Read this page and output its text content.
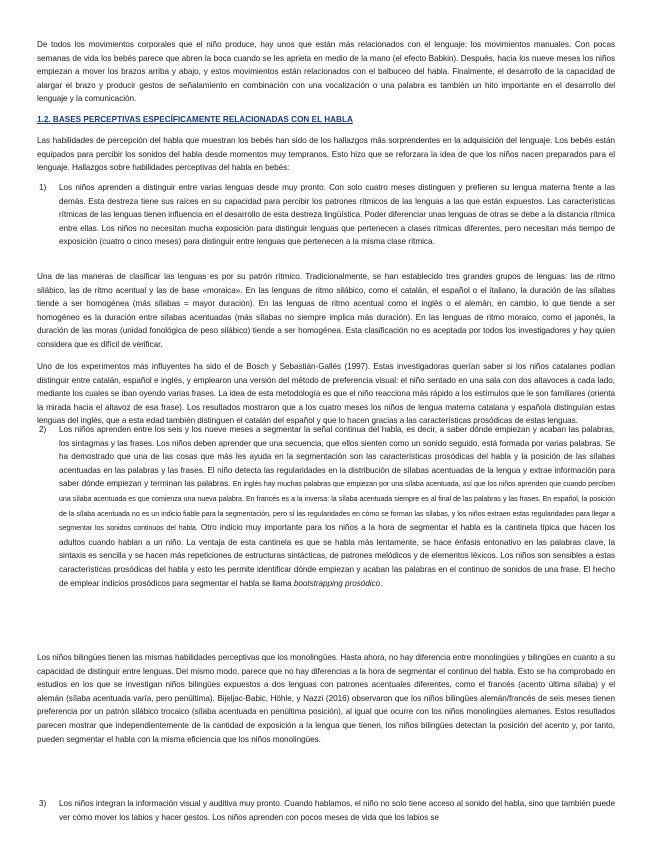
De todos los movimientos corporales que el niño produce, hay unos que están más relacionados con el lenguaje: los movimientos manuales. Con pocas semanas de vida los bebés parece que abren la boca cuando se les aprieta en medio de la mano (el efecto Babkin). Después, hacia los nueve meses los niños empiezan a mover los brazos arriba y abajo, y estos movimientos están relacionados con el balbuceo del habla. Finalmente, el desarrollo de la capacidad de alargar el brazo y producir gestos de señalamiento en combinación con una vocalización o una palabra es también un hito importante en el desarrollo del lenguaje y la comunicación.
1.2. BASES PERCEPTIVAS ESPECÍFICAMENTE RELACIONADAS CON EL HABLA
Las habilidades de percepción del habla que muestran los bebés han sido de los hallazgos más sorprendentes en la adquisición del lenguaje. Los bebés están equipados para percibir los sonidos del habla desde momentos muy tempranos. Esto hizo que se reforzara la idea de que los niños nacen preparados para el lenguaje. Hallazgos sobre habilidades perceptivas del habla en bebés:
1) Los niños aprenden a distinguir entre varias lenguas desde muy pronto. Con solo cuatro meses distinguen y prefieren su lengua materna frente a las demás. Esta destreza tiene sus raíces en su capacidad para percibir los patrones rítmicos de las lenguas a las que están expuestos. Las características rítmicas de las lenguas tienen influencia en el desarrollo de esta destreza lingüística. Poder diferenciar unas lenguas de otras se debe a la distancia rítmica entre ellas. Los niños no necesitan mucha exposición para distinguir lenguas que pertenecen a clases rítmicas diferentes, pero necesitan más tiempo de exposición (cuatro o cinco meses) para distinguir entre lenguas que pertenecen a la misma clase rítmica.
Una de las maneras de clasificar las lenguas es por su patrón rítmico. Tradicionalmente, se han establecido tres grandes grupos de lenguas: las de ritmo silábico, las de ritmo acentual y las de base «moraica». En las lenguas de ritmo silábico, como el catalán, el español o el italiano, la duración de las sílabas tiende a ser homogénea (más sílabas = mayor duración). En las lenguas de ritmo acentual como el inglés o el alemán, en cambio, lo que tiende a ser homogéneo es la duración entre sílabas acentuadas (más sílabas no siempre implica más duración). En las lenguas de ritmo moraico, como el japonés, la duración de las moras (unidad fonológica de peso silábico) tiende a ser homogénea. Esta clasificación no es aceptada por todos los investigadores y hay quien considera que es difícil de verificar.
Uno de los experimentos más influyentes ha sido el de Bosch y Sebastián-Gallés (1997). Estas investigadoras querían saber si los niños catalanes podían distinguir entre catalán, español e inglés, y emplearon una versión del método de preferencia visual: el niño sentado en una sala con dos altavoces a cada lado, mediante los cuales se iban oyendo varias frases. La idea de esta metodología es que el niño reacciona más rápido a los estímulos que le son familiares (orienta la mirada hacia el altavoz de esa frase). Los resultados mostraron que a los cuatro meses los niños de lengua materna catalana y española distinguían estas lenguas del inglés, que a esta edad también distinguen el catalán del español y que lo hacen gracias a las características prosódicas de estas lenguas.
2) Los niños aprenden entre los seis y los nueve meses a segmentar la señal continua del habla, es decir, a saber dónde empiezan y acaban las palabras, los sintagmas y las frases. Los niños deben aprender que una secuencia, que ellos sienten como un sonido seguido, está formada por varias palabras. Se ha demostrado que una de las cosas que más les ayuda en la segmentación son las características prosódicas del habla y la posición de las sílabas acentuadas en las palabras y las frases. El niño detecta las regularidades en la distribución de sílabas acentuadas de la lengua y extrae información para saber dónde empiezan y terminan las palabras. En inglés hay muchas palabras que empiezan por una sílaba acentuada, así que los niños aprenden que cuando perciben una sílaba acentuada es que comienza una nueva palabra. En francés es a la inversa: la sílaba acentuada siempre es al final de las palabras y las frases. En español, la posición de la sílaba acentuada no es un indicio fiable para la segmentación, pero sí las regularidades en cómo se forman las sílabas, y los niños extraen estas regularidades para llegar a segmentar los sonidos continuos del habla. Otro indicio muy importante para los niños a la hora de segmentar el habla es la cantinela típica que hacen los adultos cuando hablan a un niño. La ventaja de esta cantinela es que se habla más lentamente, se hace énfasis entonativo en las palabras clave, la sintaxis es sencilla y se hacen más repeticiones de estructuras sintácticas, de patrones melódicos y de elementos léxicos. Los niños son sensibles a estas características prosódicas del habla y esto les permite identificar dónde empiezan y acaban las palabras en el continuo de sonidos de una frase. El hecho de emplear indicios prosódicos para segmentar el habla se llama bootstrapping prosódico.
Los niños bilingües tienen las mismas habilidades perceptivas que los monolingües. Hasta ahora, no hay diferencia entre monolingües y bilingües en cuanto a su capacidad de distinguir entre lenguas. Del mismo modo, parece que no hay diferencias a la hora de segmentar el continuo del habla. Esto se ha comprobado en estudios en los que se investigan niños bilingües expuestos a dos lenguas con patrones acentuales diferentes, como el francés (acento última sílaba) y el alemán (sílaba acentuada varía, pero penúltima). Bijeljac-Babic, Höhle, y Nazzi (2016) observaron que los niños bilingües alemán/francés de seis meses tienen preferencia por un patrón silábico trocaico (sílaba acentuada en penúltima posición), al igual que ocurre con los niños monolingües alemanes. Estos resultados parecen mostrar que independientemente de la cantidad de exposición a la lengua que tienen, los niños bilingües detectan la posición del acento y, por tanto, pueden segmentar el habla con la misma eficiencia que los niños monolingües.
3) Los niños integran la información visual y auditiva muy pronto. Cuando hablamos, el niño no solo tiene acceso al sonido del habla, sino que también puede ver cómo mover los labios y hacer gestos. Los niños aprenden con pocos meses de vida que los labios se
